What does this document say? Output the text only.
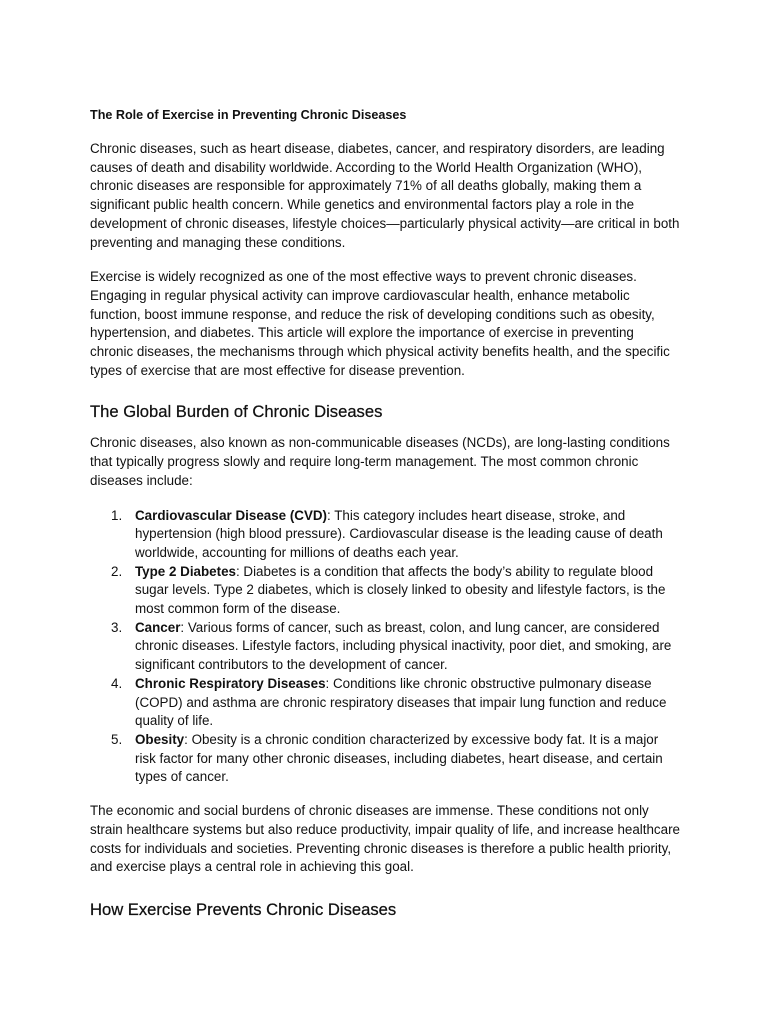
The Role of Exercise in Preventing Chronic Diseases

Chronic diseases, such as heart disease, diabetes, cancer, and respiratory disorders, are leading causes of death and disability worldwide. According to the World Health Organization (WHO), chronic diseases are responsible for approximately 71% of all deaths globally, making them a significant public health concern. While genetics and environmental factors play a role in the development of chronic diseases, lifestyle choices—particularly physical activity—are critical in both preventing and managing these conditions.

Exercise is widely recognized as one of the most effective ways to prevent chronic diseases. Engaging in regular physical activity can improve cardiovascular health, enhance metabolic function, boost immune response, and reduce the risk of developing conditions such as obesity, hypertension, and diabetes. This article will explore the importance of exercise in preventing chronic diseases, the mechanisms through which physical activity benefits health, and the specific types of exercise that are most effective for disease prevention.

The Global Burden of Chronic Diseases

Chronic diseases, also known as non-communicable diseases (NCDs), are long-lasting conditions that typically progress slowly and require long-term management. The most common chronic diseases include:

1. Cardiovascular Disease (CVD): This category includes heart disease, stroke, and hypertension (high blood pressure). Cardiovascular disease is the leading cause of death worldwide, accounting for millions of deaths each year.
2. Type 2 Diabetes: Diabetes is a condition that affects the body’s ability to regulate blood sugar levels. Type 2 diabetes, which is closely linked to obesity and lifestyle factors, is the most common form of the disease.
3. Cancer: Various forms of cancer, such as breast, colon, and lung cancer, are considered chronic diseases. Lifestyle factors, including physical inactivity, poor diet, and smoking, are significant contributors to the development of cancer.
4. Chronic Respiratory Diseases: Conditions like chronic obstructive pulmonary disease (COPD) and asthma are chronic respiratory diseases that impair lung function and reduce quality of life.
5. Obesity: Obesity is a chronic condition characterized by excessive body fat. It is a major risk factor for many other chronic diseases, including diabetes, heart disease, and certain types of cancer.

The economic and social burdens of chronic diseases are immense. These conditions not only strain healthcare systems but also reduce productivity, impair quality of life, and increase healthcare costs for individuals and societies. Preventing chronic diseases is therefore a public health priority, and exercise plays a central role in achieving this goal.

How Exercise Prevents Chronic Diseases
